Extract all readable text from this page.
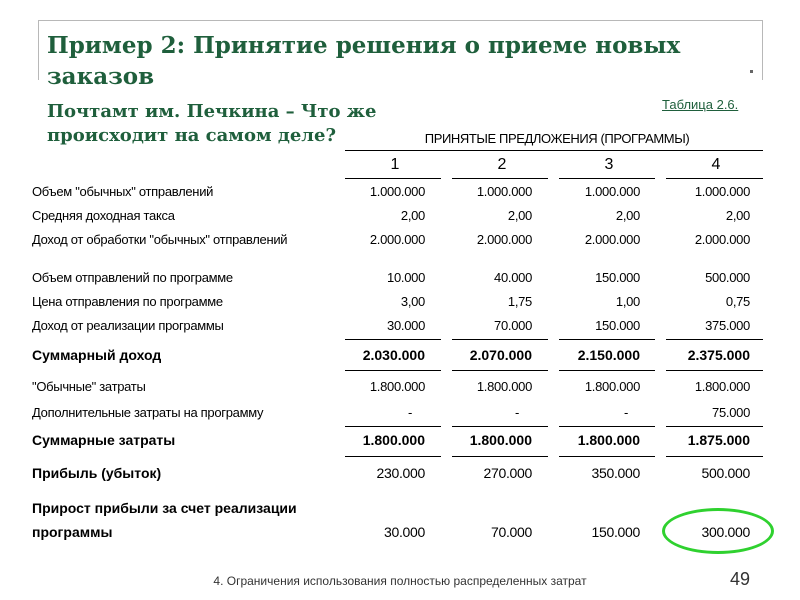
Пример 2: Принятие решения о приеме новых заказов
Почтамт им. Печкина – Что же происходит на самом деле?
Таблица 2.6.
ПРИНЯТЫЕ ПРЕДЛОЖЕНИЯ (ПРОГРАММЫ)
1	2	3	4
Объем "обычных" отправлений	1.000.000	1.000.000	1.000.000	1.000.000
Средняя доходная такса	2,00	2,00	2,00	2,00
Доход от обработки "обычных" отправлений	2.000.000	2.000.000	2.000.000	2.000.000
Объем отправлений по программе	10.000	40.000	150.000	500.000
Цена отправления по программе	3,00	1,75	1,00	0,75
Доход от реализации программы	30.000	70.000	150.000	375.000
Суммарный доход	2.030.000	2.070.000	2.150.000	2.375.000
"Обычные" затраты	1.800.000	1.800.000	1.800.000	1.800.000
Дополнительные затраты на программу	-	-	-	75.000
Суммарные затраты	1.800.000	1.800.000	1.800.000	1.875.000
Прибыль (убыток)	230.000	270.000	350.000	500.000
Прирост прибыли за счет реализации
программы	30.000	70.000	150.000	300.000
4. Ограничения использования полностью распределенных затрат	49
